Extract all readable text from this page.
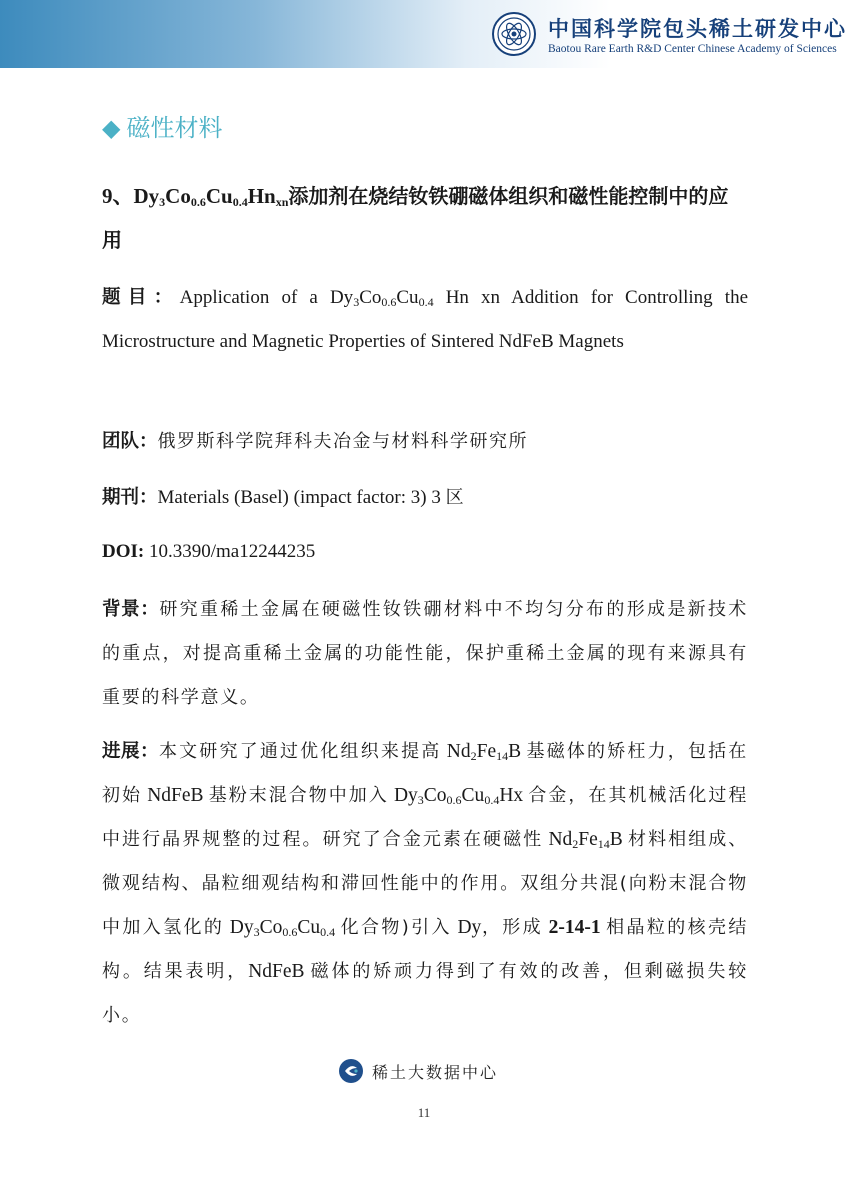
中国科学院包头稀土研发中心
Baotou Rare Earth R&D Center Chinese Academy of Sciences
◆ 磁性材料
9、$Dy_3Co_{0.6}Cu_{0.4}Hn_{xn}$添加剂在烧结钕铁硼磁体组织和磁性能控制中的应用
题目：Application of a $Dy_3Co_{0.6}Cu_{0.4}$ Hn xn Addition for Controlling the Microstructure and Magnetic Properties of Sintered NdFeB Magnets
团队：俄罗斯科学院拜科夫冶金与材料科学研究所
期刊：Materials (Basel) (impact factor: 3) 3 区
DOI: 10.3390/ma12244235
背景：研究重稀土金属在硬磁性钕铁硼材料中不均匀分布的形成是新技术的重点，对提高重稀土金属的功能性能，保护重稀土金属的现有来源具有重要的科学意义。
进展：本文研究了通过优化组织来提高 $Nd_2Fe_{14}B$ 基磁体的矫枉力，包括在初始 NdFeB 基粉末混合物中加入 $Dy_3Co_{0.6}Cu_{0.4}Hx$ 合金，在其机械活化过程中进行晶界规整的过程。研究了合金元素在硬磁性 $Nd_2Fe_{14}B$ 材料相组成、微观结构、晶粒细观结构和滞回性能中的作用。双组分共混(向粉末混合物中加入氢化的 $Dy_3Co_{0.6}Cu_{0.4}$ 化合物)引入 Dy，形成 2-14-1 相晶粒的核壳结构。结果表明，NdFeB 磁体的矫顽力得到了有效的改善，但剩磁损失较小。
稀土大数据中心
11
